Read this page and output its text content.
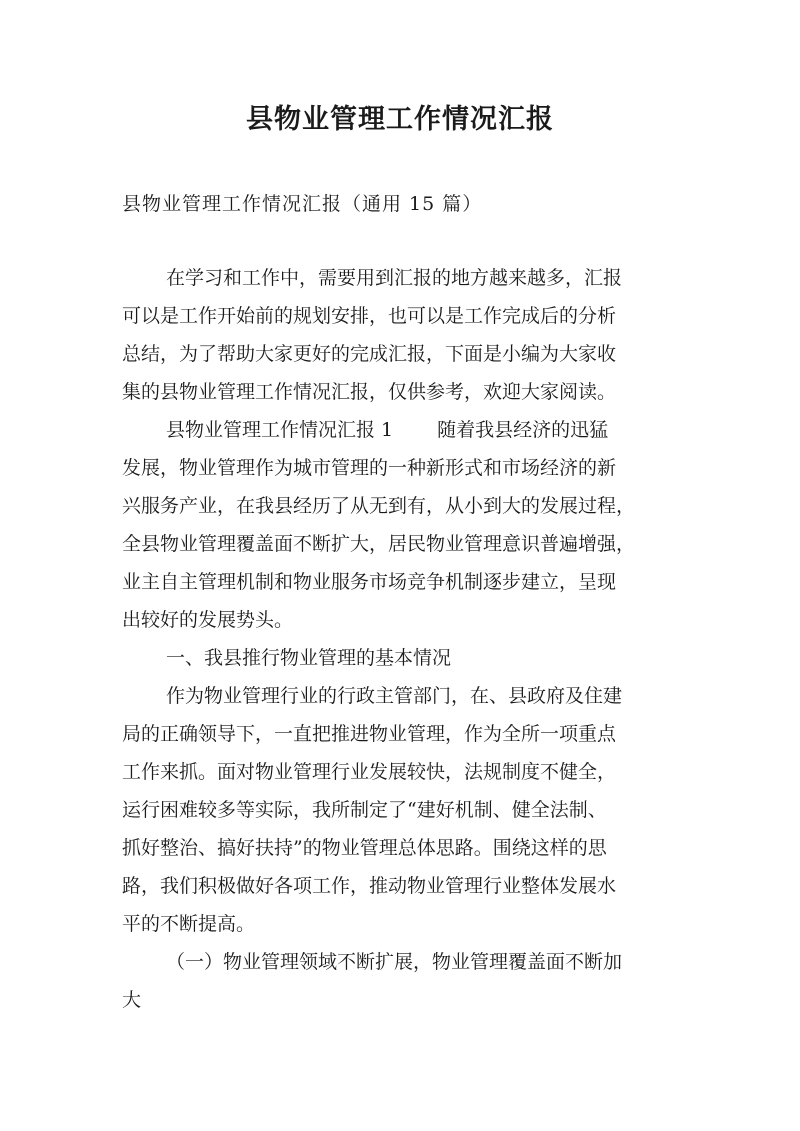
县物业管理工作情况汇报
县物业管理工作情况汇报（通用 15 篇）
在学习和工作中，需要用到汇报的地方越来越多，汇报
可以是工作开始前的规划安排，也可以是工作完成后的分析
总结，为了帮助大家更好的完成汇报，下面是小编为大家收
集的县物业管理工作情况汇报，仅供参考，欢迎大家阅读。
县物业管理工作情况汇报 1 随着我县经济的迅猛
发展，物业管理作为城市管理的一种新形式和市场经济的新
兴服务产业，在我县经历了从无到有，从小到大的发展过程，
全县物业管理覆盖面不断扩大，居民物业管理意识普遍增强，
业主自主管理机制和物业服务市场竞争机制逐步建立，呈现
出较好的发展势头。
一、我县推行物业管理的基本情况
作为物业管理行业的行政主管部门，在、县政府及住建
局的正确领导下，一直把推进物业管理，作为全所一项重点
工作来抓。面对物业管理行业发展较快，法规制度不健全，
运行困难较多等实际，我所制定了“建好机制、健全法制、
抓好整治、搞好扶持”的物业管理总体思路。围绕这样的思
路，我们积极做好各项工作，推动物业管理行业整体发展水
平的不断提高。
（一）物业管理领域不断扩展，物业管理覆盖面不断加
大
